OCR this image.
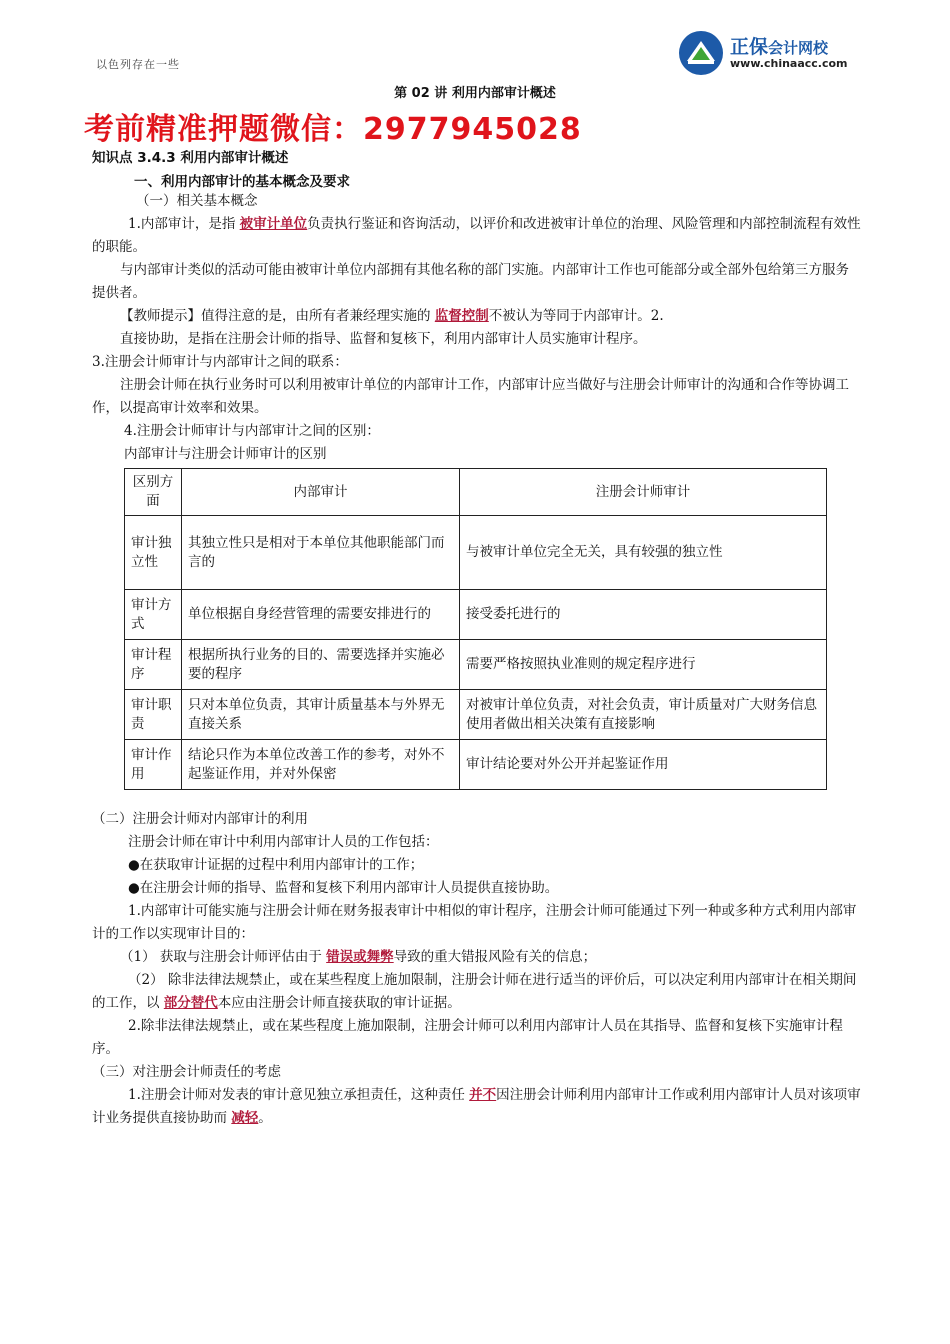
以色列存在一些
正保会计网校
www.chinaacc.com
第 02 讲 利用内部审计概述
考前精准押题微信：2977945028
知识点 3.4.3 利用内部审计概述
一、利用内部审计的基本概念及要求

（一）相关基本概念

1.内部审计，是指 被审计单位负责执行鉴证和咨询活动，以评价和改进被审计单位的治理、风险管理和内部控制流程有效性的职能。

与内部审计类似的活动可能由被审计单位内部拥有其他名称的部门实施。内部审计工作也可能部分或全部外包给第三方服务提供者。

【教师提示】值得注意的是，由所有者兼经理实施的 监督控制不被认为等同于内部审计。2.

直接协助，是指在注册会计师的指导、监督和复核下，利用内部审计人员实施审计程序。

3.注册会计师审计与内部审计之间的联系：

注册会计师在执行业务时可以利用被审计单位的内部审计工作，内部审计应当做好与注册会计师审计的沟通和合作等协调工作，以提高审计效率和效果。

4.注册会计师审计与内部审计之间的区别：

内部审计与注册会计师审计的区别

区别方面	内部审计	注册会计师审计
审计独立性	其独立性只是相对于本单位其他职能部门而言的	与被审计单位完全无关，具有较强的独立性
审计方式	单位根据自身经营管理的需要安排进行的	接受委托进行的
审计程序	根据所执行业务的目的、需要选择并实施必要的程序	需要严格按照执业准则的规定程序进行
审计职责	只对本单位负责，其审计质量基本与外界无直接关系	对被审计单位负责，对社会负责，审计质量对广大财务信息使用者做出相关决策有直接影响
审计作用	结论只作为本单位改善工作的参考，对外不起鉴证作用，并对外保密	审计结论要对外公开并起鉴证作用

（二）注册会计师对内部审计的利用

注册会计师在审计中利用内部审计人员的工作包括：

● 在获取审计证据的过程中利用内部审计的工作；

● 在注册会计师的指导、监督和复核下利用内部审计人员提供直接协助。

1.内部审计可能实施与注册会计师在财务报表审计中相似的审计程序，注册会计师可能通过下列一种或多种方式利用内部审计的工作以实现审计目的：

（1） 获取与注册会计师评估由于 错误或舞弊导致的重大错报风险有关的信息；

（2） 除非法律法规禁止，或在某些程度上施加限制，注册会计师在进行适当的评价后，可以决定利用内部审计在相关期间的工作，以 部分替代本应由注册会计师直接获取的审计证据。

2.除非法律法规禁止，或在某些程度上施加限制，注册会计师可以利用内部审计人员在其指导、监督和复核下实施审计程序。

（三）对注册会计师责任的考虑

1.注册会计师对发表的审计意见独立承担责任，这种责任 并不因注册会计师利用内部审计工作或利用内部审计人员对该项审计业务提供直接协助而 减轻。
